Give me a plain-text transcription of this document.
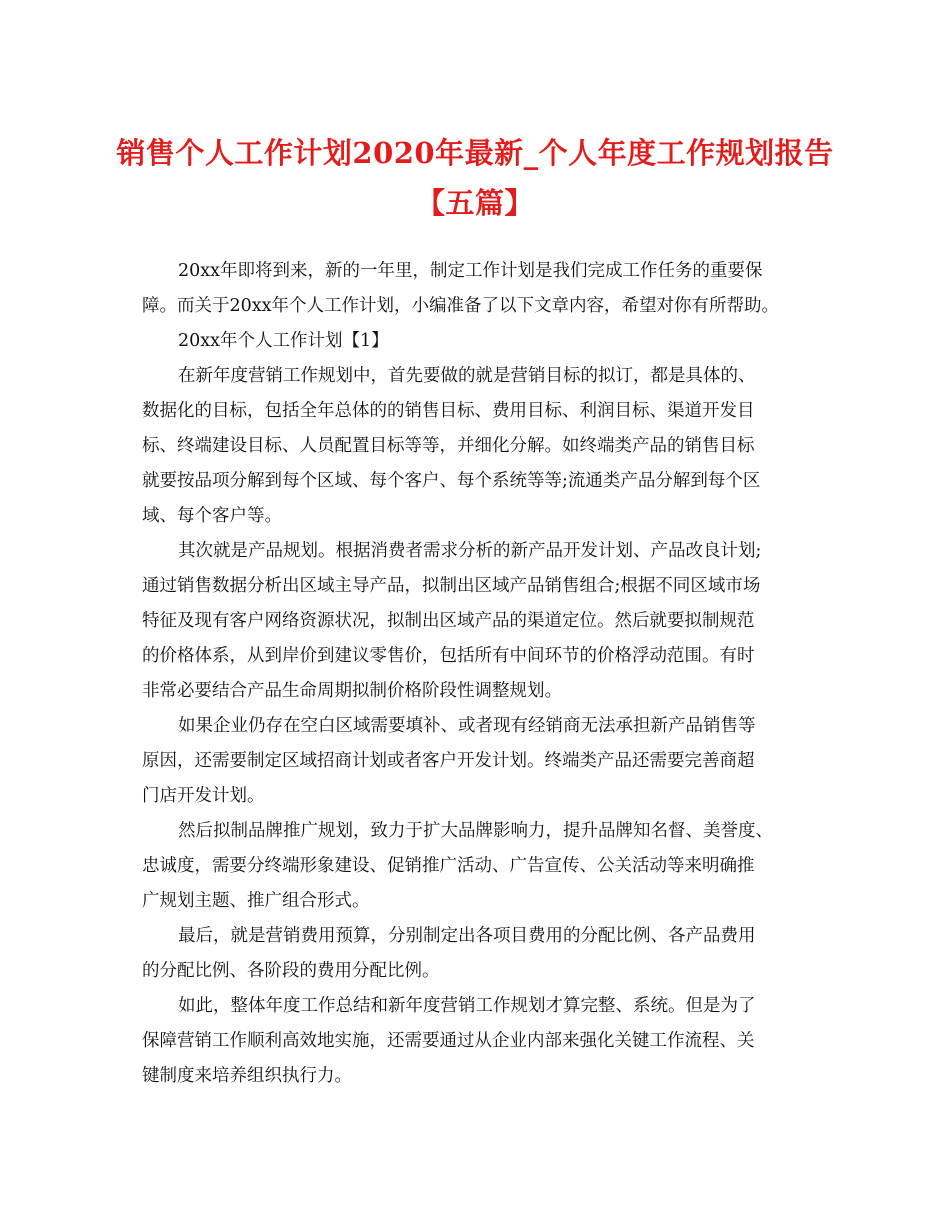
销售个人工作计划2020年最新_个人年度工作规划报告
【五篇】
20xx年即将到来，新的一年里，制定工作计划是我们完成工作任务的重要保
障。而关于20xx年个人工作计划，小编准备了以下文章内容，希望对你有所帮助。
20xx年个人工作计划【1】
在新年度营销工作规划中，首先要做的就是营销目标的拟订，都是具体的、
数据化的目标，包括全年总体的的销售目标、费用目标、利润目标、渠道开发目
标、终端建设目标、人员配置目标等等，并细化分解。如终端类产品的销售目标
就要按品项分解到每个区域、每个客户、每个系统等等;流通类产品分解到每个区
域、每个客户等。
其次就是产品规划。根据消费者需求分析的新产品开发计划、产品改良计划;
通过销售数据分析出区域主导产品，拟制出区域产品销售组合;根据不同区域市场
特征及现有客户网络资源状况，拟制出区域产品的渠道定位。然后就要拟制规范
的价格体系，从到岸价到建议零售价，包括所有中间环节的价格浮动范围。有时
非常必要结合产品生命周期拟制价格阶段性调整规划。
如果企业仍存在空白区域需要填补、或者现有经销商无法承担新产品销售等
原因，还需要制定区域招商计划或者客户开发计划。终端类产品还需要完善商超
门店开发计划。
然后拟制品牌推广规划，致力于扩大品牌影响力，提升品牌知名督、美誉度、
忠诚度，需要分终端形象建设、促销推广活动、广告宣传、公关活动等来明确推
广规划主题、推广组合形式。
最后，就是营销费用预算，分别制定出各项目费用的分配比例、各产品费用
的分配比例、各阶段的费用分配比例。
如此，整体年度工作总结和新年度营销工作规划才算完整、系统。但是为了
保障营销工作顺利高效地实施，还需要通过从企业内部来强化关键工作流程、关
键制度来培养组织执行力。
